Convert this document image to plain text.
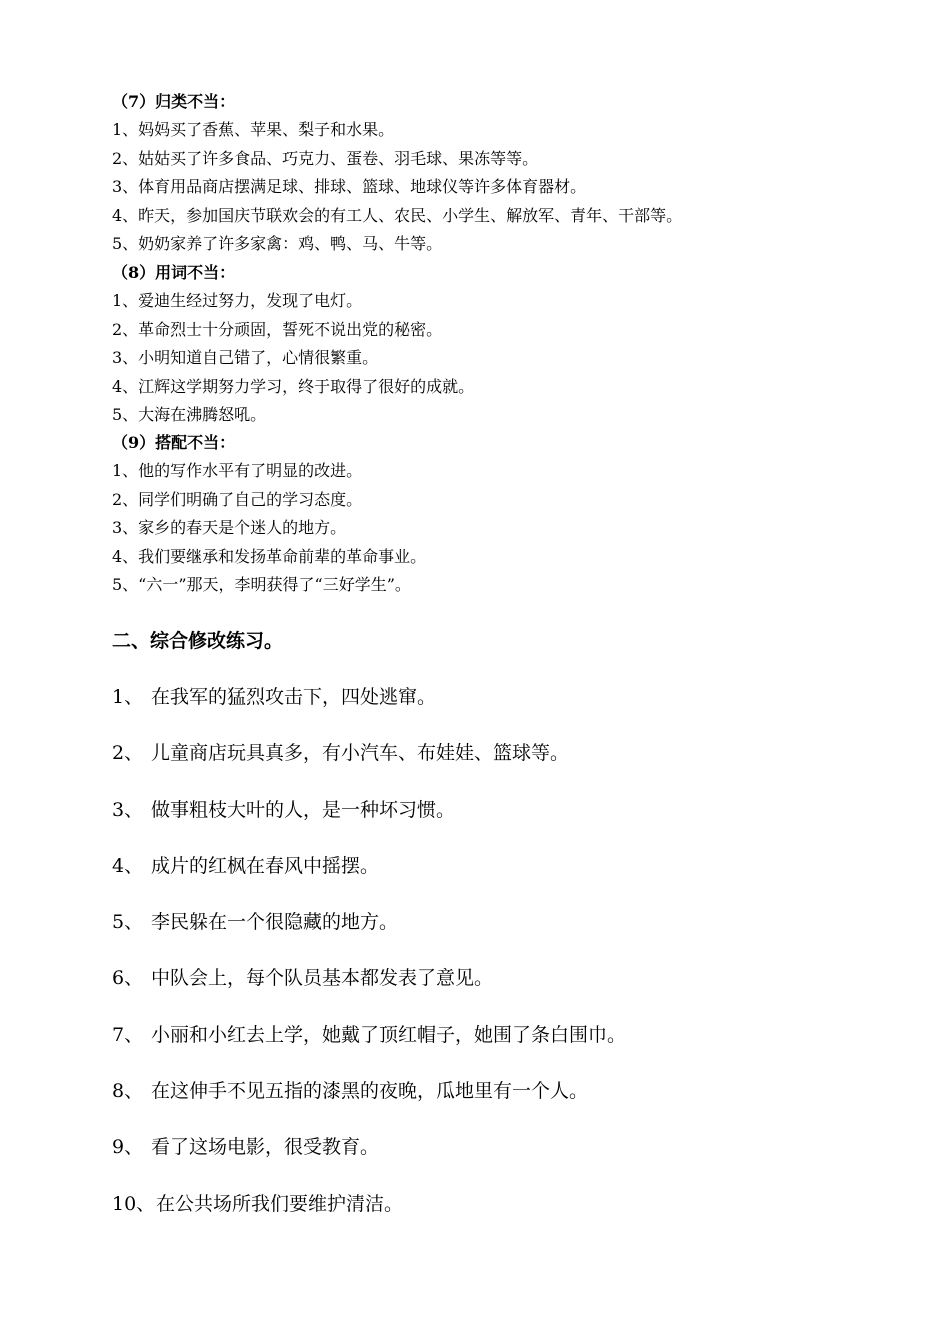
（7）归类不当：
1、妈妈买了香蕉、苹果、梨子和水果。
2、姑姑买了许多食品、巧克力、蛋卷、羽毛球、果冻等等。
3、体育用品商店摆满足球、排球、篮球、地球仪等许多体育器材。
4、昨天，参加国庆节联欢会的有工人、农民、小学生、解放军、青年、干部等。
5、奶奶家养了许多家禽：鸡、鸭、马、牛等。
（8）用词不当：
1、爱迪生经过努力，发现了电灯。
2、革命烈士十分顽固，誓死不说出党的秘密。
3、小明知道自己错了，心情很繁重。
4、江辉这学期努力学习，终于取得了很好的成就。
5、大海在沸腾怒吼。
（9）搭配不当：
1、他的写作水平有了明显的改进。
2、同学们明确了自己的学习态度。
3、家乡的春天是个迷人的地方。
4、我们要继承和发扬革命前辈的革命事业。
5、“六一”那天，李明获得了“三好学生”。
二、综合修改练习。
1、 在我军的猛烈攻击下，四处逃窜。
2、 儿童商店玩具真多，有小汽车、布娃娃、篮球等。
3、 做事粗枝大叶的人，是一种坏习惯。
4、 成片的红枫在春风中摇摆。
5、 李民躲在一个很隐藏的地方。
6、 中队会上，每个队员基本都发表了意见。
7、 小丽和小红去上学，她戴了顶红帽子，她围了条白围巾。
8、 在这伸手不见五指的漆黑的夜晚，瓜地里有一个人。
9、 看了这场电影，很受教育。
10、在公共场所我们要维护清洁。
